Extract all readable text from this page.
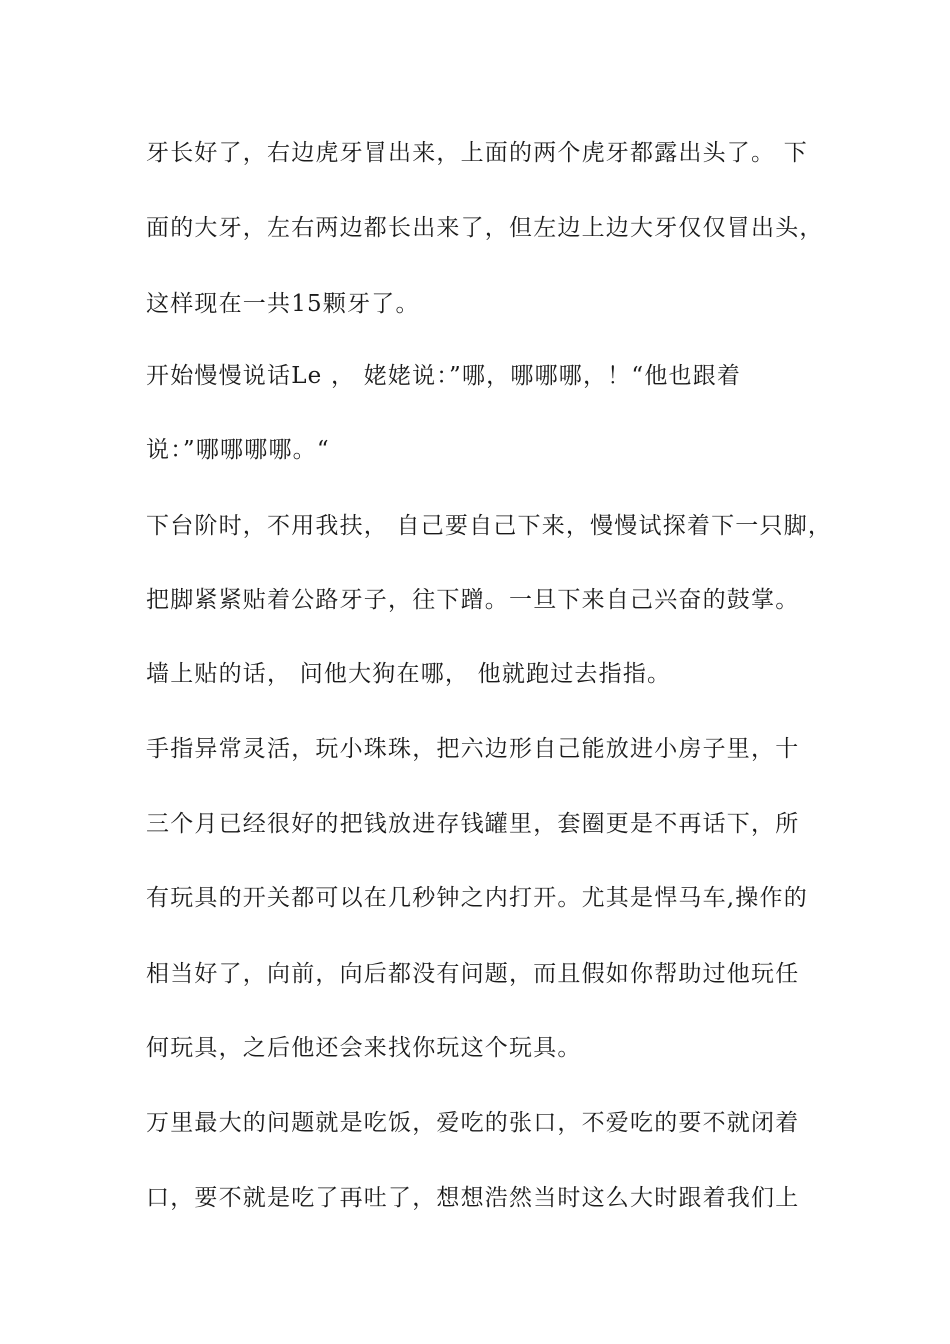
牙长好了，右边虎牙冒出来，上面的两个虎牙都露出头了。 下
面的大牙，左右两边都长出来了，但左边上边大牙仅仅冒出头，
这样现在一共15颗牙了。
开始慢慢说话Le ， 姥姥说：”哪，哪哪哪，！“他也跟着
说：”哪哪哪哪。“
下台阶时，不用我扶， 自己要自己下来，慢慢试探着下一只脚，
把脚紧紧贴着公路牙子，往下蹭。一旦下来自己兴奋的鼓掌。
墙上贴的话， 问他大狗在哪， 他就跑过去指指。
手指异常灵活，玩小珠珠，把六边形自己能放进小房子里，十
三个月已经很好的把钱放进存钱罐里，套圈更是不再话下，所
有玩具的开关都可以在几秒钟之内打开。尤其是悍马车,操作的
相当好了，向前，向后都没有问题，而且假如你帮助过他玩任
何玩具，之后他还会来找你玩这个玩具。
万里最大的问题就是吃饭，爱吃的张口，不爱吃的要不就闭着
口，要不就是吃了再吐了，想想浩然当时这么大时跟着我们上
